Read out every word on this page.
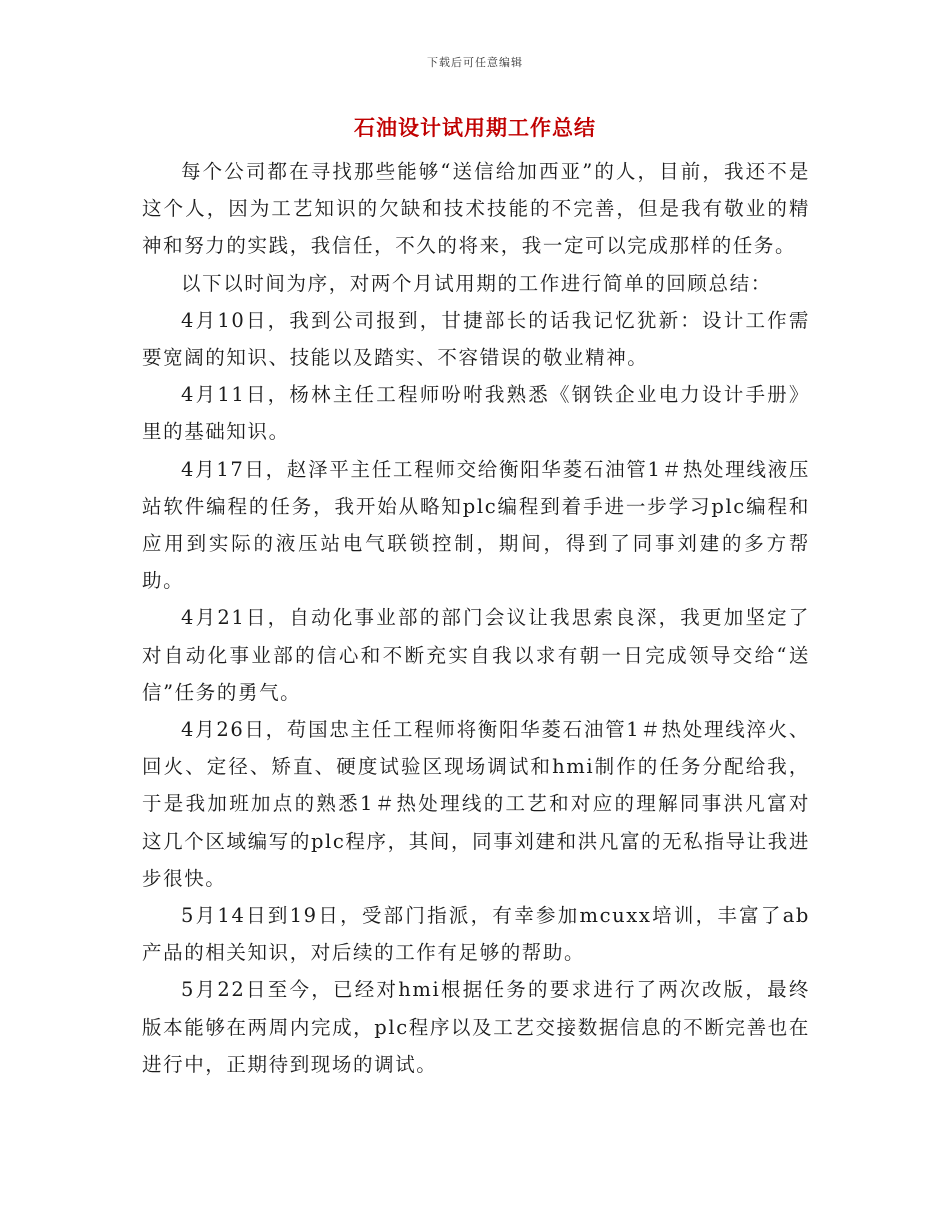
下载后可任意编辑
石油设计试用期工作总结

每个公司都在寻找那些能够“送信给加西亚”的人，目前，我还不是这个人，因为工艺知识的欠缺和技术技能的不完善，但是我有敬业的精神和努力的实践，我信任，不久的将来，我一定可以完成那样的任务。

以下以时间为序，对两个月试用期的工作进行简单的回顾总结：

4月10日，我到公司报到，甘捷部长的话我记忆犹新：设计工作需要宽阔的知识、技能以及踏实、不容错误的敬业精神。

4月11日，杨林主任工程师吩咐我熟悉《钢铁企业电力设计手册》里的基础知识。

4月17日，赵泽平主任工程师交给衡阳华菱石油管1＃热处理线液压站软件编程的任务，我开始从略知plc编程到着手进一步学习plc编程和应用到实际的液压站电气联锁控制，期间，得到了同事刘建的多方帮助。

4月21日，自动化事业部的部门会议让我思索良深，我更加坚定了对自动化事业部的信心和不断充实自我以求有朝一日完成领导交给“送信”任务的勇气。

4月26日，苟国忠主任工程师将衡阳华菱石油管1＃热处理线淬火、回火、定径、矫直、硬度试验区现场调试和hmi制作的任务分配给我，于是我加班加点的熟悉1＃热处理线的工艺和对应的理解同事洪凡富对这几个区域编写的plc程序，其间，同事刘建和洪凡富的无私指导让我进步很快。

5月14日到19日，受部门指派，有幸参加mcuxx培训，丰富了ab产品的相关知识，对后续的工作有足够的帮助。

5月22日至今，已经对hmi根据任务的要求进行了两次改版，最终版本能够在两周内完成，plc程序以及工艺交接数据信息的不断完善也在进行中，正期待到现场的调试。
